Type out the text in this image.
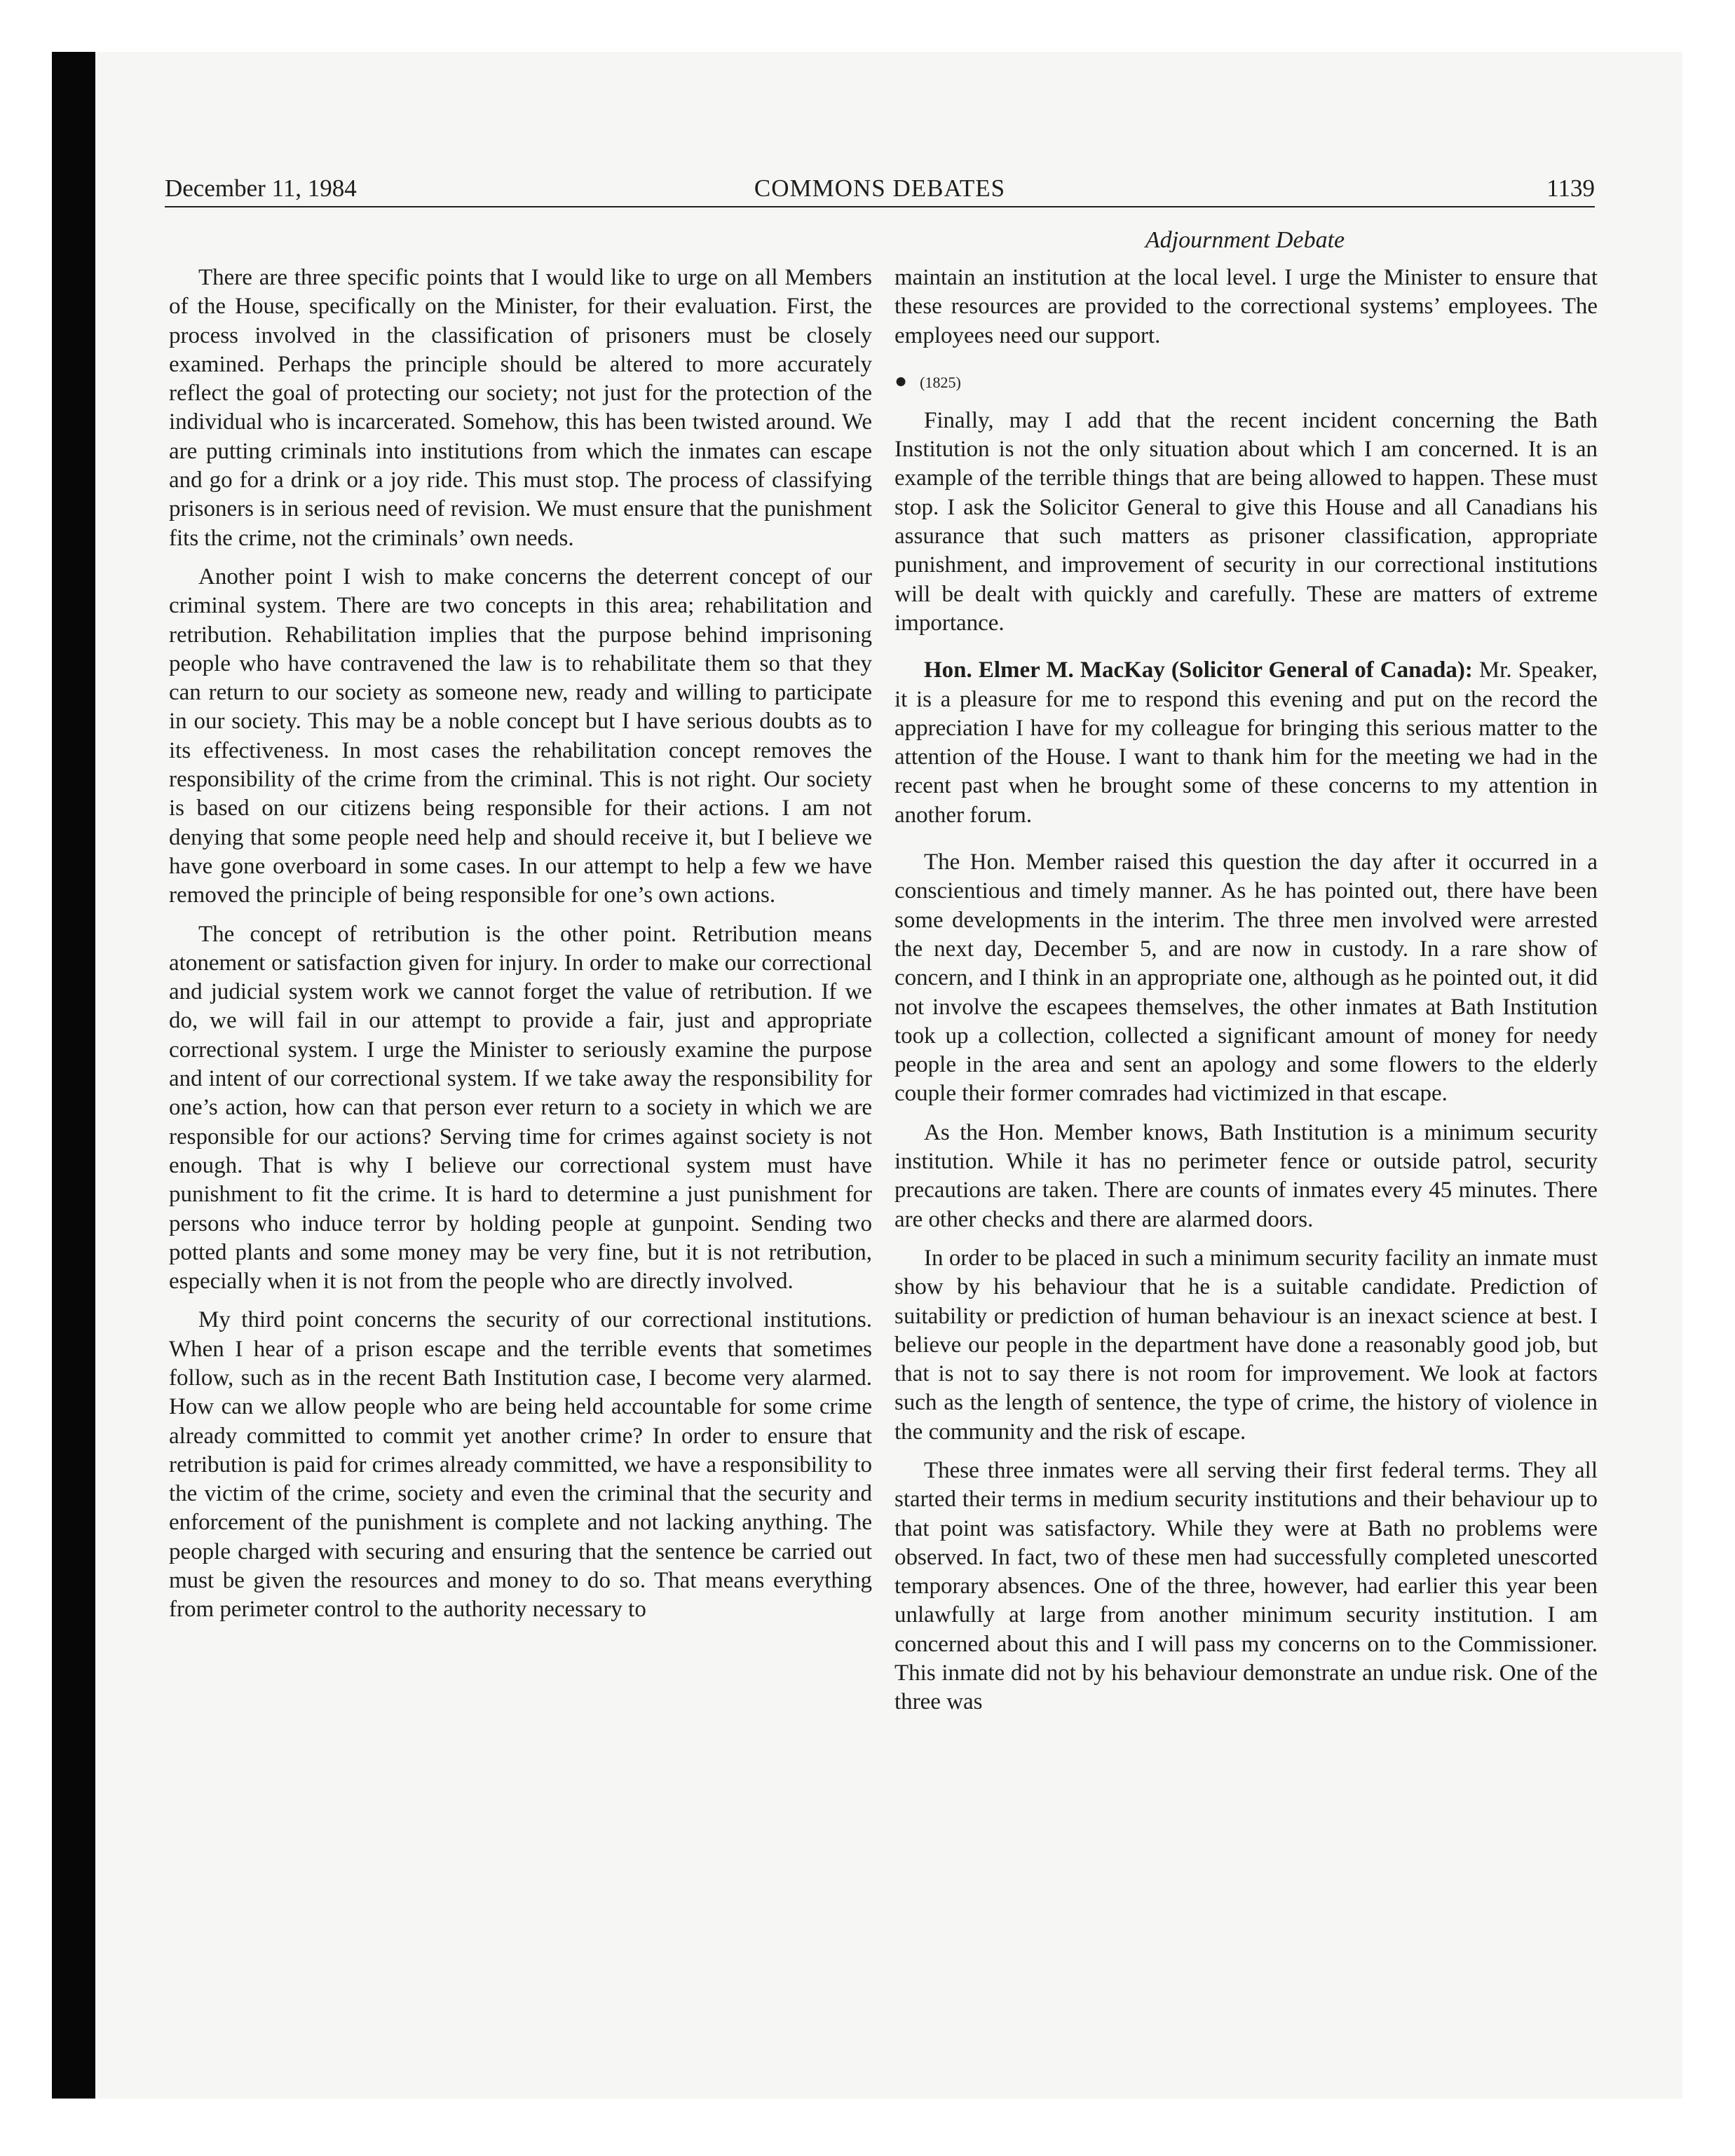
December 11, 1984	COMMONS DEBATES	1139
Adjournment Debate

There are three specific points that I would like to urge on all Members of the House, specifically on the Minister, for their evaluation. First, the process involved in the classification of prisoners must be closely examined. Perhaps the principle should be altered to more accurately reflect the goal of protecting our society; not just for the protection of the individual who is incarcerated. Somehow, this has been twisted around. We are putting criminals into institutions from which the inmates can escape and go for a drink or a joy ride. This must stop. The process of classifying prisoners is in serious need of revision. We must ensure that the punishment fits the crime, not the criminals’ own needs.

Another point I wish to make concerns the deterrent concept of our criminal system. There are two concepts in this area; rehabilitation and retribution. Rehabilitation implies that the purpose behind imprisoning people who have contravened the law is to rehabilitate them so that they can return to our society as someone new, ready and willing to participate in our society. This may be a noble concept but I have serious doubts as to its effectiveness. In most cases the rehabilitation concept removes the responsibility of the crime from the criminal. This is not right. Our society is based on our citizens being responsible for their actions. I am not denying that some people need help and should receive it, but I believe we have gone overboard in some cases. In our attempt to help a few we have removed the principle of being responsible for one’s own actions.

The concept of retribution is the other point. Retribution means atonement or satisfaction given for injury. In order to make our correctional and judicial system work we cannot forget the value of retribution. If we do, we will fail in our attempt to provide a fair, just and appropriate correctional system. I urge the Minister to seriously examine the purpose and intent of our correctional system. If we take away the responsibility for one’s action, how can that person ever return to a society in which we are responsible for our actions? Serving time for crimes against society is not enough. That is why I believe our correctional system must have punishment to fit the crime. It is hard to determine a just punishment for persons who induce terror by holding people at gunpoint. Sending two potted plants and some money may be very fine, but it is not retribution, especially when it is not from the people who are directly involved.

My third point concerns the security of our correctional institutions. When I hear of a prison escape and the terrible events that sometimes follow, such as in the recent Bath Institution case, I become very alarmed. How can we allow people who are being held accountable for some crime already committed to commit yet another crime? In order to ensure that retribution is paid for crimes already committed, we have a responsibility to the victim of the crime, society and even the criminal that the security and enforcement of the punishment is complete and not lacking anything. The people charged with securing and ensuring that the sentence be carried out must be given the resources and money to do so. That means everything from perimeter control to the authority necessary to

maintain an institution at the local level. I urge the Minister to ensure that these resources are provided to the correctional systems’ employees. The employees need our support.

● (1825)

Finally, may I add that the recent incident concerning the Bath Institution is not the only situation about which I am concerned. It is an example of the terrible things that are being allowed to happen. These must stop. I ask the Solicitor General to give this House and all Canadians his assurance that such matters as prisoner classification, appropriate punishment, and improvement of security in our correctional institutions will be dealt with quickly and carefully. These are matters of extreme importance.

Hon. Elmer M. MacKay (Solicitor General of Canada): Mr. Speaker, it is a pleasure for me to respond this evening and put on the record the appreciation I have for my colleague for bringing this serious matter to the attention of the House. I want to thank him for the meeting we had in the recent past when he brought some of these concerns to my attention in another forum.

The Hon. Member raised this question the day after it occurred in a conscientious and timely manner. As he has pointed out, there have been some developments in the interim. The three men involved were arrested the next day, December 5, and are now in custody. In a rare show of concern, and I think in an appropriate one, although as he pointed out, it did not involve the escapees themselves, the other inmates at Bath Institution took up a collection, collected a significant amount of money for needy people in the area and sent an apology and some flowers to the elderly couple their former comrades had victimized in that escape.

As the Hon. Member knows, Bath Institution is a minimum security institution. While it has no perimeter fence or outside patrol, security precautions are taken. There are counts of inmates every 45 minutes. There are other checks and there are alarmed doors.

In order to be placed in such a minimum security facility an inmate must show by his behaviour that he is a suitable candidate. Prediction of suitability or prediction of human behaviour is an inexact science at best. I believe our people in the department have done a reasonably good job, but that is not to say there is not room for improvement. We look at factors such as the length of sentence, the type of crime, the history of violence in the community and the risk of escape.

These three inmates were all serving their first federal terms. They all started their terms in medium security institutions and their behaviour up to that point was satisfactory. While they were at Bath no problems were observed. In fact, two of these men had successfully completed unescorted temporary absences. One of the three, however, had earlier this year been unlawfully at large from another minimum security institution. I am concerned about this and I will pass my concerns on to the Commissioner. This inmate did not by his behaviour demonstrate an undue risk. One of the three was
